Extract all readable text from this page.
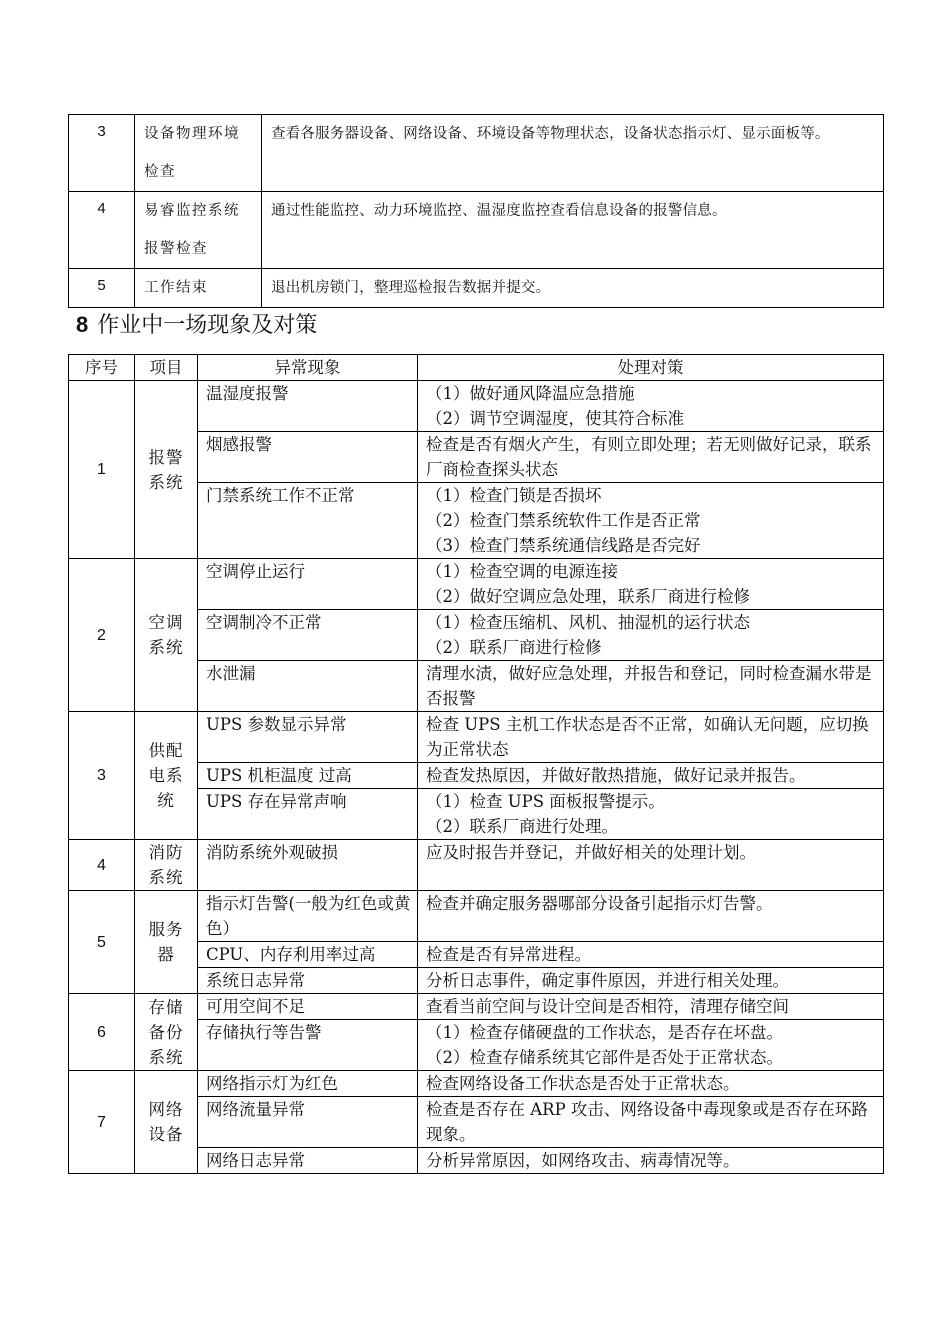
3	设备物理环境检查	查看各服务器设备、网络设备、环境设备等物理状态，设备状态指示灯、显示面板等。
4	易睿监控系统报警检查	通过性能监控、动力环境监控、温湿度监控查看信息设备的报警信息。
5	工作结束	退出机房锁门，整理巡检报告数据并提交。
8 作业中一场现象及对策
序号	项目	异常现象	处理对策
1	报警系统	温湿度报警	（1）做好通风降温应急措施
（2）调节空调湿度，使其符合标准
		烟感报警	检查是否有烟火产生，有则立即处理；若无则做好记录，联系厂商检查探头状态
		门禁系统工作不正常	（1）检查门锁是否损坏
（2）检查门禁系统软件工作是否正常
（3）检查门禁系统通信线路是否完好
2	空调系统	空调停止运行	（1）检查空调的电源连接
（2）做好空调应急处理，联系厂商进行检修
		空调制冷不正常	（1）检查压缩机、风机、抽湿机的运行状态
（2）联系厂商进行检修
		水泄漏	清理水渍，做好应急处理，并报告和登记，同时检查漏水带是否报警
3	供配电系统	UPS 参数显示异常	检查 UPS 主机工作状态是否不正常，如确认无问题，应切换为正常状态
		UPS 机柜温度 过高	检查发热原因，并做好散热措施，做好记录并报告。
		UPS 存在异常声响	（1）检查 UPS 面板报警提示。
（2）联系厂商进行处理。
4	消防系统	消防系统外观破损	应及时报告并登记，并做好相关的处理计划。
5	服务器	指示灯告警(一般为红色或黄色）	检查并确定服务器哪部分设备引起指示灯告警。
		CPU、内存利用率过高	检查是否有异常进程。
		系统日志异常	分析日志事件，确定事件原因，并进行相关处理。
6	存储备份系统	可用空间不足	查看当前空间与设计空间是否相符，清理存储空间
		存储执行等告警	（1）检查存储硬盘的工作状态，是否存在坏盘。
（2）检查存储系统其它部件是否处于正常状态。
7	网络设备	网络指示灯为红色	检查网络设备工作状态是否处于正常状态。
		网络流量异常	检查是否存在 ARP 攻击、网络设备中毒现象或是否存在环路现象。
		网络日志异常	分析异常原因，如网络攻击、病毒情况等。
